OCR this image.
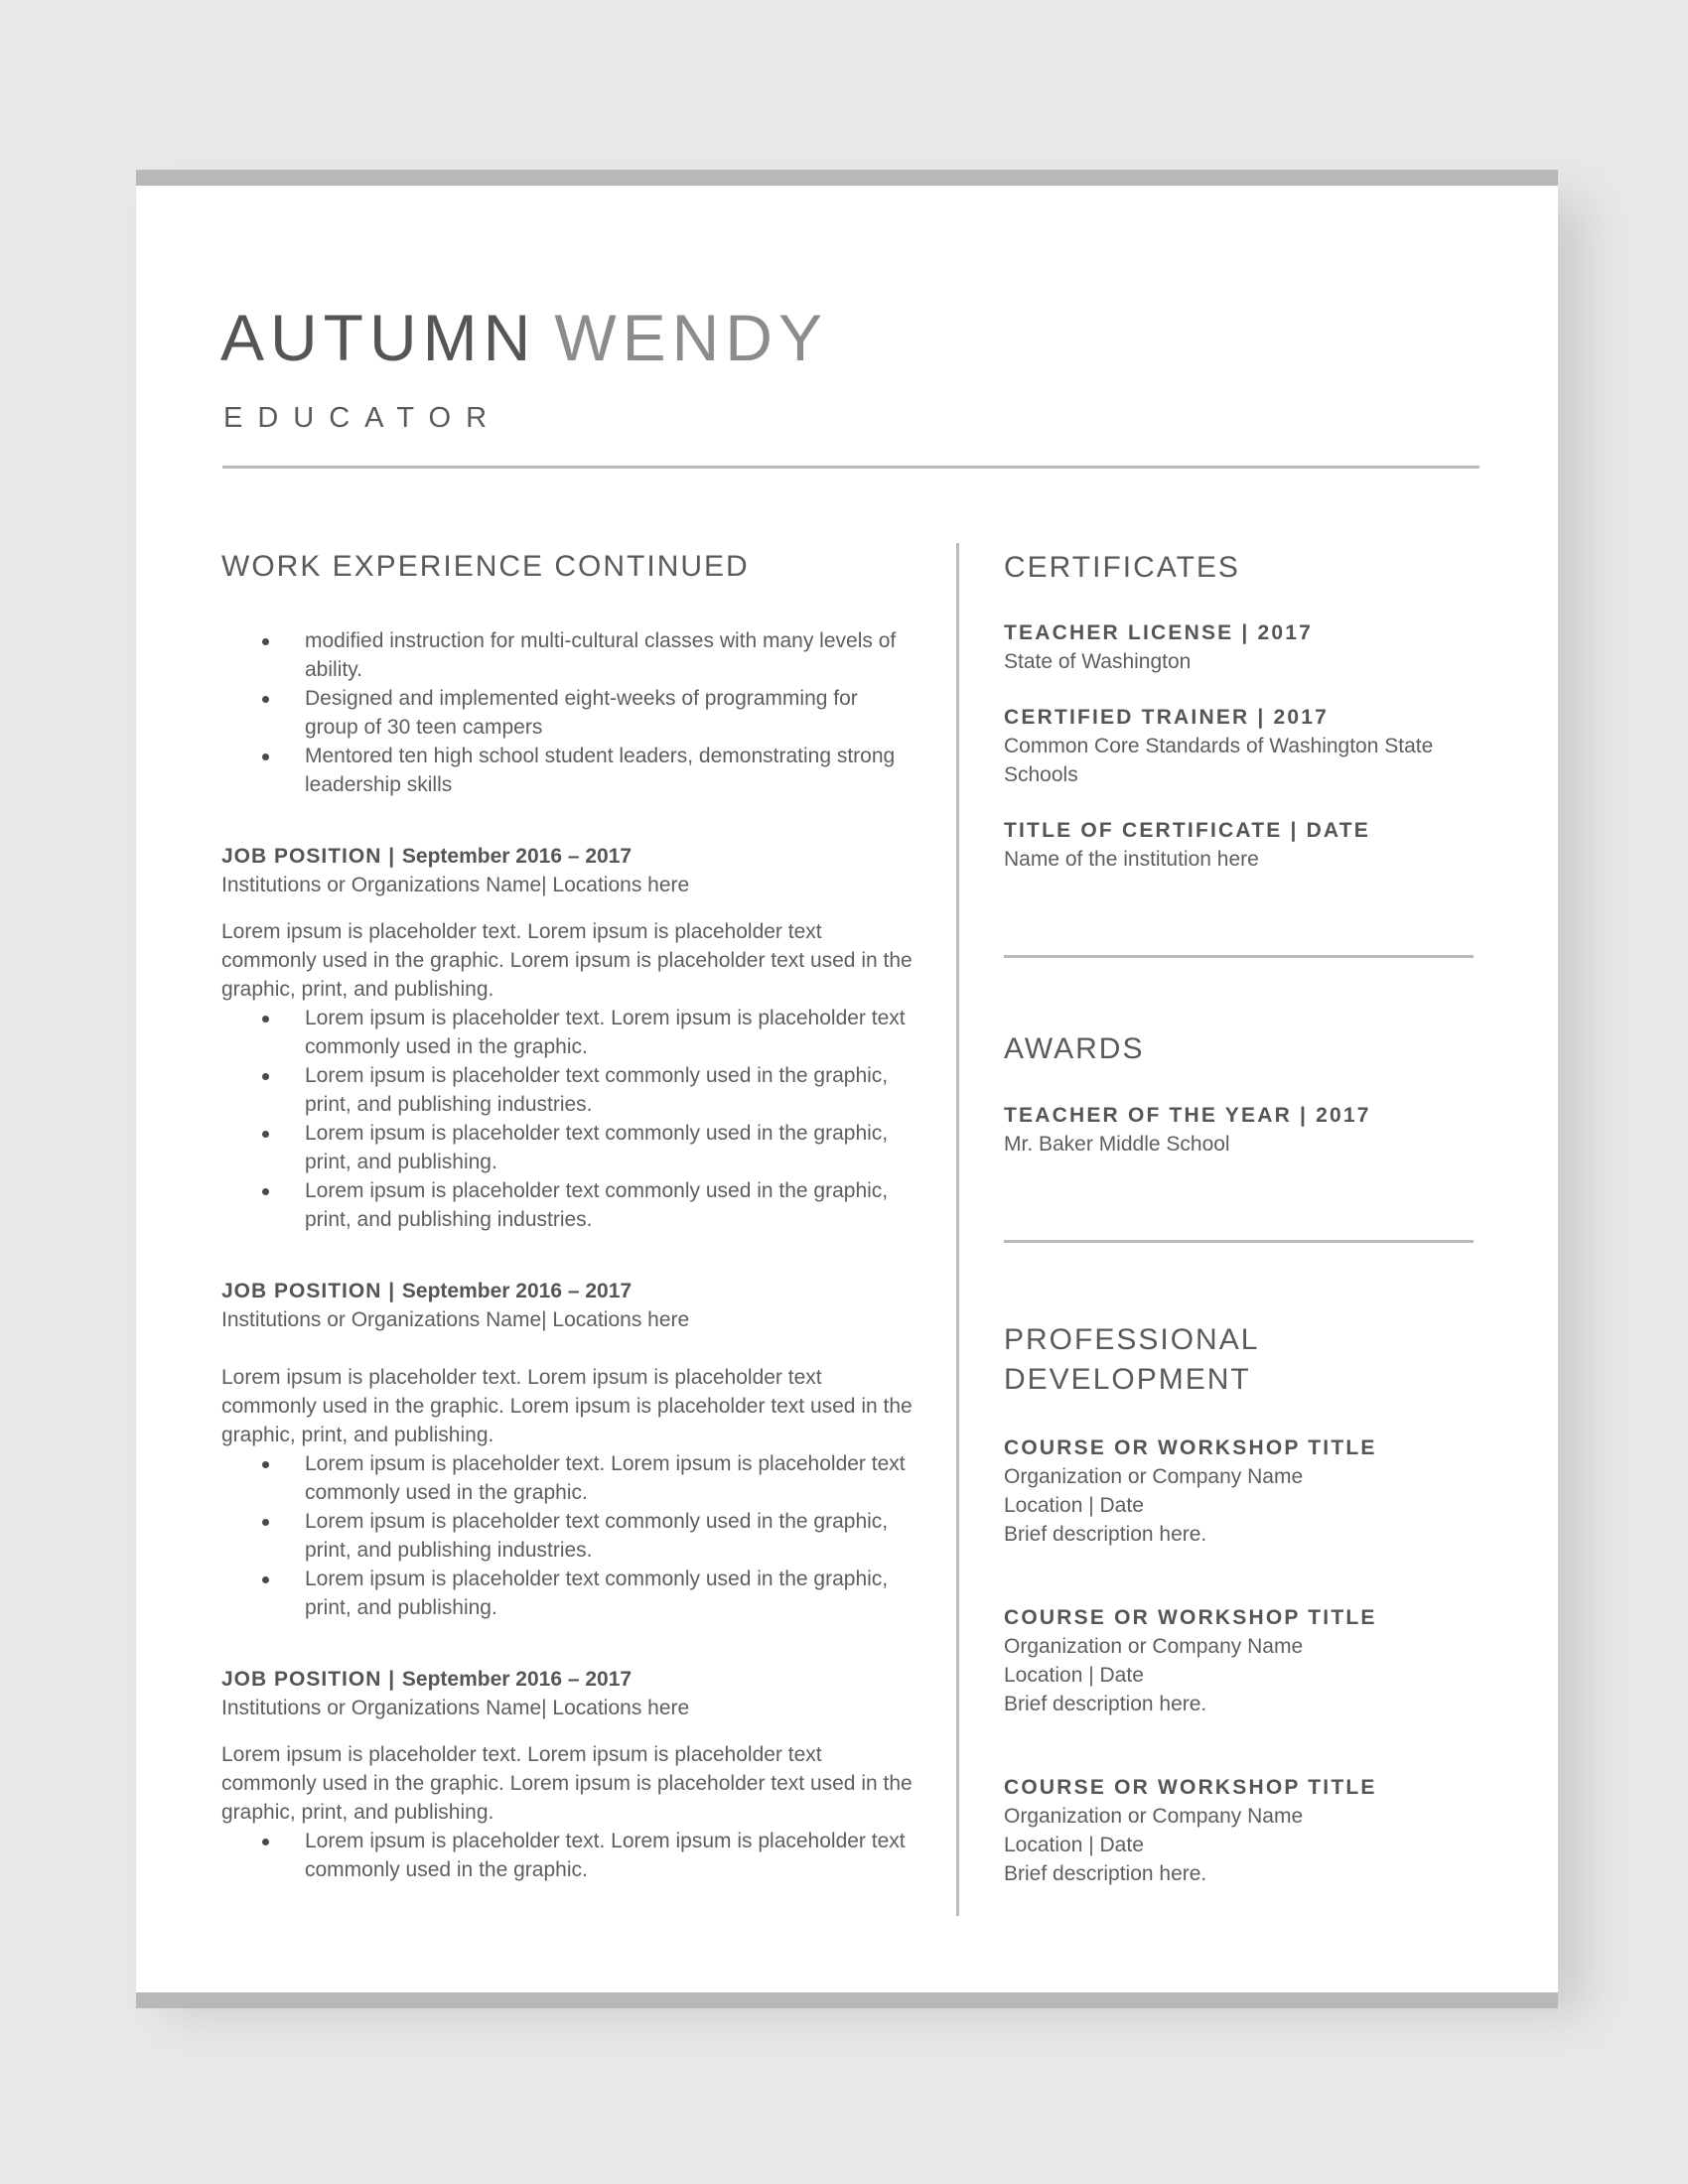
AUTUMN WENDY
EDUCATOR
WORK EXPERIENCE CONTINUED
modified instruction for multi-cultural classes with many levels of ability.
Designed and implemented eight-weeks of programming for group of 30 teen campers
Mentored ten high school student leaders, demonstrating strong leadership skills

JOB POSITION | September 2016 – 2017

Institutions or Organizations Name| Locations here

Lorem ipsum is placeholder text. Lorem ipsum is placeholder text commonly used in the graphic. Lorem ipsum is placeholder text used in the graphic, print, and publishing.

Lorem ipsum is placeholder text. Lorem ipsum is placeholder text commonly used in the graphic.
Lorem ipsum is placeholder text commonly used in the graphic, print, and publishing industries.
Lorem ipsum is placeholder text commonly used in the graphic, print, and publishing.
Lorem ipsum is placeholder text commonly used in the graphic, print, and publishing industries.

JOB POSITION | September 2016 – 2017

Institutions or Organizations Name| Locations here

Lorem ipsum is placeholder text. Lorem ipsum is placeholder text commonly used in the graphic. Lorem ipsum is placeholder text used in the graphic, print, and publishing.

Lorem ipsum is placeholder text. Lorem ipsum is placeholder text commonly used in the graphic.
Lorem ipsum is placeholder text commonly used in the graphic, print, and publishing industries.
Lorem ipsum is placeholder text commonly used in the graphic, print, and publishing.

JOB POSITION | September 2016 – 2017

Institutions or Organizations Name| Locations here

Lorem ipsum is placeholder text. Lorem ipsum is placeholder text commonly used in the graphic. Lorem ipsum is placeholder text used in the graphic, print, and publishing.

Lorem ipsum is placeholder text. Lorem ipsum is placeholder text commonly used in the graphic.
CERTIFICATES

TEACHER LICENSE | 2017

State of Washington

CERTIFIED TRAINER | 2017

Common Core Standards of Washington State Schools

TITLE OF CERTIFICATE | DATE

Name of the institution here

AWARDS

TEACHER OF THE YEAR | 2017

Mr. Baker Middle School

PROFESSIONAL
DEVELOPMENT

COURSE OR WORKSHOP TITLE

Organization or Company Name

Location | Date

Brief description here.

COURSE OR WORKSHOP TITLE

Organization or Company Name

Location | Date

Brief description here.

COURSE OR WORKSHOP TITLE

Organization or Company Name

Location | Date

Brief description here.
